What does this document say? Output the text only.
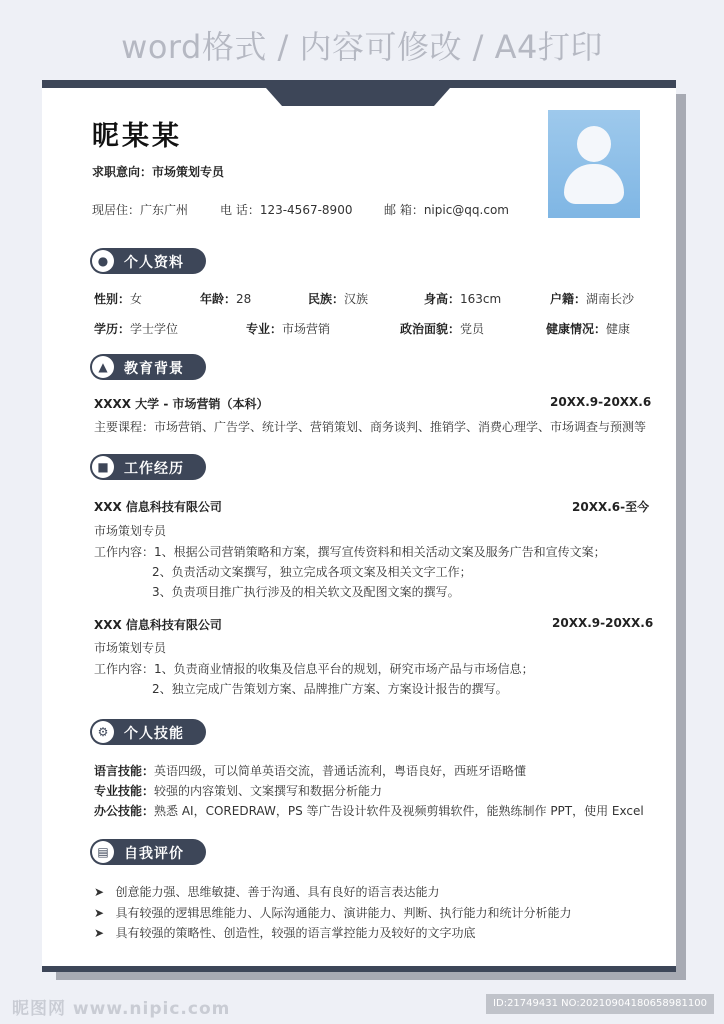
word格式 / 内容可修改 / A4打印
昵某某
求职意向：市场策划专员
现居住：广东广州	电 话：123-4567-8900	邮 箱：nipic@qq.com
●	个人资料
性别：女	年龄：28	民族：汉族	身高：163cm	户籍：湖南长沙
学历：学士学位	专业：市场营销	政治面貌：党员	健康情况：健康
▲	教育背景
XXXX 大学 - 市场营销（本科）	20XX.9-20XX.6
主要课程：市场营销、广告学、统计学、营销策划、商务谈判、推销学、消费心理学、市场调查与预测等
■	工作经历
XXX 信息科技有限公司	20XX.6-至今
市场策划专员
工作内容：1、根据公司营销策略和方案，撰写宣传资料和相关活动文案及服务广告和宣传文案；
2、负责活动文案撰写，独立完成各项文案及相关文字工作；
3、负责项目推广执行涉及的相关软文及配图文案的撰写。
XXX 信息科技有限公司	20XX.9-20XX.6
市场策划专员
工作内容：1、负责商业情报的收集及信息平台的规划，研究市场产品与市场信息；
2、独立完成广告策划方案、品牌推广方案、方案设计报告的撰写。
⚙	个人技能
语言技能：英语四级，可以简单英语交流，普通话流利，粤语良好，西班牙语略懂
专业技能：较强的内容策划、文案撰写和数据分析能力
办公技能：熟悉 AI，COREDRAW，PS 等广告设计软件及视频剪辑软件，能熟练制作 PPT，使用 Excel
▤	自我评价
➤   创意能力强、思维敏捷、善于沟通、具有良好的语言表达能力
➤   具有较强的逻辑思维能力、人际沟通能力、演讲能力、判断、执行能力和统计分析能力
➤   具有较强的策略性、创造性，较强的语言掌控能力及较好的文字功底
昵图网 www.nipic.com	ID:21749431 NO:20210904180658981100
